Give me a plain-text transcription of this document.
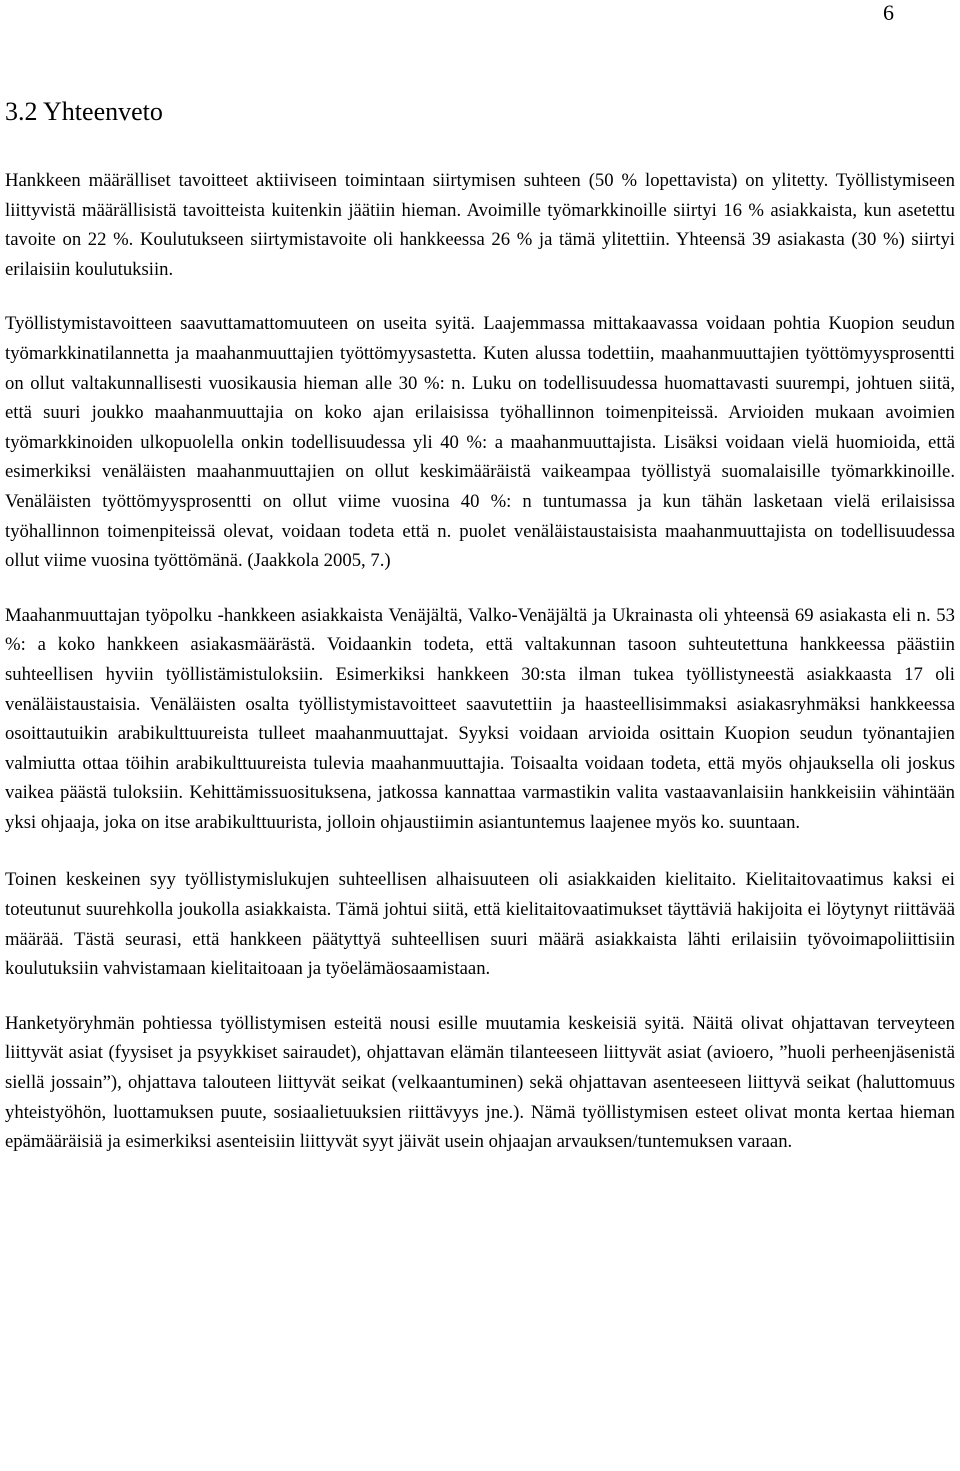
6
3.2 Yhteenveto

Hankkeen määrälliset tavoitteet aktiiviseen toimintaan siirtymisen suhteen (50 % lopettavista) on ylitetty. Työllistymiseen liittyvistä määrällisistä tavoitteista kuitenkin jäätiin hieman. Avoimille työmarkkinoille siirtyi 16 % asiakkaista, kun asetettu tavoite on 22 %. Koulutukseen siirtymistavoite oli hankkeessa 26 % ja tämä ylitettiin. Yhteensä 39 asiakasta (30 %) siirtyi erilaisiin koulutuksiin.

Työllistymistavoitteen saavuttamattomuuteen on useita syitä. Laajemmassa mittakaavassa voidaan pohtia Kuopion seudun työmarkkinatilannetta ja maahanmuuttajien työttömyysastetta. Kuten alussa todettiin, maahanmuuttajien työttömyysprosentti on ollut valtakunnallisesti vuosikausia hieman alle 30 %: n. Luku on todellisuudessa huomattavasti suurempi, johtuen siitä, että suuri joukko maahanmuuttajia on koko ajan erilaisissa työhallinnon toimenpiteissä. Arvioiden mukaan avoimien työmarkkinoiden ulkopuolella onkin todellisuudessa yli 40 %: a maahanmuuttajista. Lisäksi voidaan vielä huomioida, että esimerkiksi venäläisten maahanmuuttajien on ollut keskimääräistä vaikeampaa työllistyä suomalaisille työmarkkinoille. Venäläisten työttömyysprosentti on ollut viime vuosina 40 %: n tuntumassa ja kun tähän lasketaan vielä erilaisissa työhallinnon toimenpiteissä olevat, voidaan todeta että n. puolet venäläistaustaisista maahanmuuttajista on todellisuudessa ollut viime vuosina työttömänä. (Jaakkola 2005, 7.)

Maahanmuuttajan työpolku -hankkeen asiakkaista Venäjältä, Valko-Venäjältä ja Ukrainasta oli yhteensä 69 asiakasta eli n. 53 %: a koko hankkeen asiakasmäärästä. Voidaankin todeta, että valtakunnan tasoon suhteutettuna hankkeessa päästiin suhteellisen hyviin työllistämistuloksiin. Esimerkiksi hankkeen 30:sta ilman tukea työllistyneestä asiakkaasta 17 oli venäläistaustaisia. Venäläisten osalta työllistymistavoitteet saavutettiin ja haasteellisimmaksi asiakasryhmäksi hankkeessa osoittautuikin arabikulttuureista tulleet maahanmuuttajat. Syyksi voidaan arvioida osittain Kuopion seudun työnantajien valmiutta ottaa töihin arabikulttuureista tulevia maahanmuuttajia. Toisaalta voidaan todeta, että myös ohjauksella oli joskus vaikea päästä tuloksiin. Kehittämissuosituksena, jatkossa kannattaa varmastikin valita vastaavanlaisiin hankkeisiin vähintään yksi ohjaaja, joka on itse arabikulttuurista, jolloin ohjaustiimin asiantuntemus laajenee myös ko. suuntaan.

Toinen keskeinen syy työllistymislukujen suhteellisen alhaisuuteen oli asiakkaiden kielitaito. Kielitaitovaatimus kaksi ei toteutunut suurehkolla joukolla asiakkaista. Tämä johtui siitä, että kielitaitovaatimukset täyttäviä hakijoita ei löytynyt riittävää määrää. Tästä seurasi, että hankkeen päätyttyä suhteellisen suuri määrä asiakkaista lähti erilaisiin työvoimapoliittisiin koulutuksiin vahvistamaan kielitaitoaan ja työelämäosaamistaan.

Hanketyöryhmän pohtiessa työllistymisen esteitä nousi esille muutamia keskeisiä syitä. Näitä olivat ohjattavan terveyteen liittyvät asiat (fyysiset ja psyykkiset sairaudet), ohjattavan elämän tilanteeseen liittyvät asiat (avioero, ”huoli perheenjäsenistä siellä jossain”), ohjattava talouteen liittyvät seikat (velkaantuminen) sekä ohjattavan asenteeseen liittyvä seikat (haluttomuus yhteistyöhön, luottamuksen puute, sosiaalietuuksien riittävyys jne.). Nämä työllistymisen esteet olivat monta kertaa hieman epämääräisiä ja esimerkiksi asenteisiin liittyvät syyt jäivät usein ohjaajan arvauksen/tuntemuksen varaan.
